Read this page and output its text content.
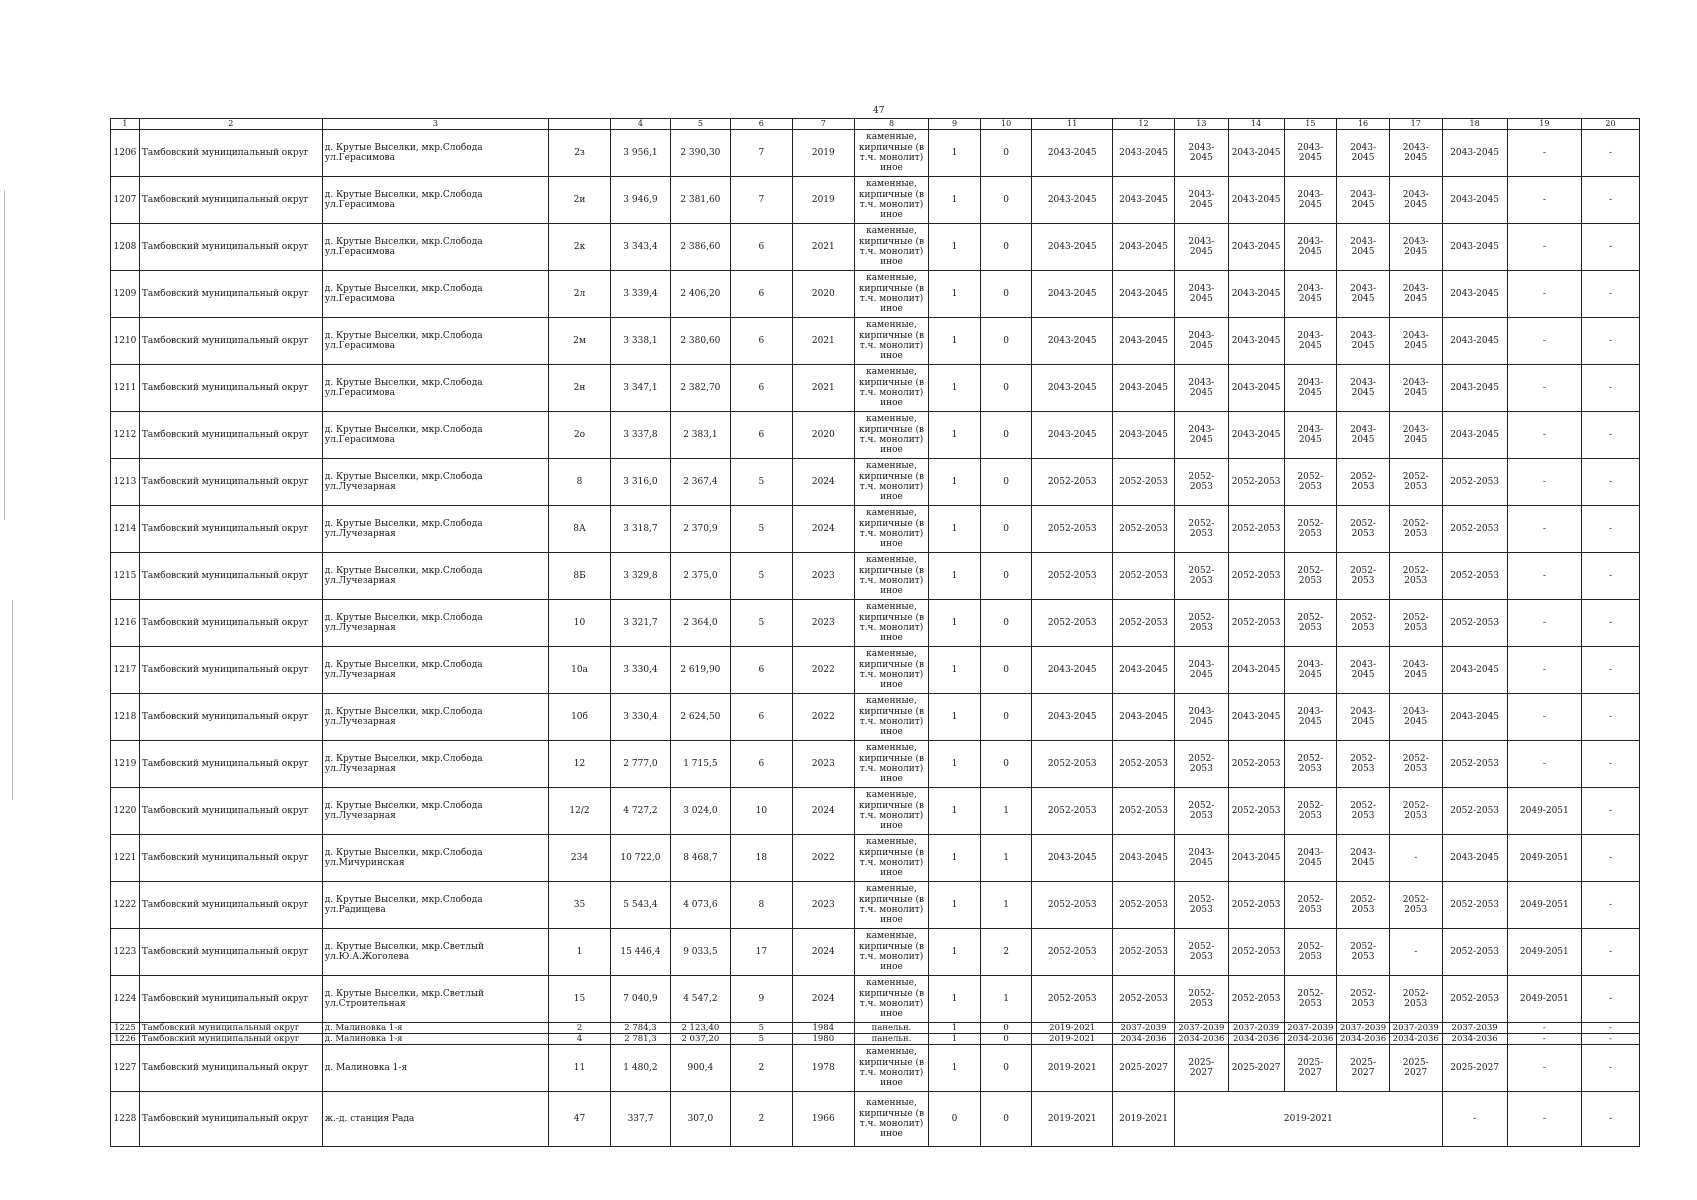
47
1	2	3		4	5	6	7	8	9	10	11	12	13	14	15	16	17	18	19	20
1206	Тамбовский муниципальный округ	д. Крутые Выселки, мкр.Слобода ул.Герасимова	2з	3 956,1	2 390,30	7	2019	каменные, кирпичные (в т.ч. монолит) иное	1	0	2043-2045	2043-2045	2043-2045	2043-2045	2043-2045	2043-2045	2043-2045	2043-2045	-	-
1207	Тамбовский муниципальный округ	д. Крутые Выселки, мкр.Слобода ул.Герасимова	2и	3 946,9	2 381,60	7	2019	каменные, кирпичные (в т.ч. монолит) иное	1	0	2043-2045	2043-2045	2043-2045	2043-2045	2043-2045	2043-2045	2043-2045	2043-2045	-	-
1208	Тамбовский муниципальный округ	д. Крутые Выселки, мкр.Слобода ул.Герасимова	2к	3 343,4	2 386,60	6	2021	каменные, кирпичные (в т.ч. монолит) иное	1	0	2043-2045	2043-2045	2043-2045	2043-2045	2043-2045	2043-2045	2043-2045	2043-2045	-	-
1209	Тамбовский муниципальный округ	д. Крутые Выселки, мкр.Слобода ул.Герасимова	2л	3 339,4	2 406,20	6	2020	каменные, кирпичные (в т.ч. монолит) иное	1	0	2043-2045	2043-2045	2043-2045	2043-2045	2043-2045	2043-2045	2043-2045	2043-2045	-	-
1210	Тамбовский муниципальный округ	д. Крутые Выселки, мкр.Слобода ул.Герасимова	2м	3 338,1	2 380,60	6	2021	каменные, кирпичные (в т.ч. монолит) иное	1	0	2043-2045	2043-2045	2043-2045	2043-2045	2043-2045	2043-2045	2043-2045	2043-2045	-	-
1211	Тамбовский муниципальный округ	д. Крутые Выселки, мкр.Слобода ул.Герасимова	2н	3 347,1	2 382,70	6	2021	каменные, кирпичные (в т.ч. монолит) иное	1	0	2043-2045	2043-2045	2043-2045	2043-2045	2043-2045	2043-2045	2043-2045	2043-2045	-	-
1212	Тамбовский муниципальный округ	д. Крутые Выселки, мкр.Слобода ул.Герасимова	2о	3 337,8	2 383,1	6	2020	каменные, кирпичные (в т.ч. монолит) иное	1	0	2043-2045	2043-2045	2043-2045	2043-2045	2043-2045	2043-2045	2043-2045	2043-2045	-	-
1213	Тамбовский муниципальный округ	д. Крутые Выселки, мкр.Слобода ул.Лучезарная	8	3 316,0	2 367,4	5	2024	каменные, кирпичные (в т.ч. монолит) иное	1	0	2052-2053	2052-2053	2052-2053	2052-2053	2052-2053	2052-2053	2052-2053	2052-2053	-	-
1214	Тамбовский муниципальный округ	д. Крутые Выселки, мкр.Слобода ул.Лучезарная	8А	3 318,7	2 370,9	5	2024	каменные, кирпичные (в т.ч. монолит) иное	1	0	2052-2053	2052-2053	2052-2053	2052-2053	2052-2053	2052-2053	2052-2053	2052-2053	-	-
1215	Тамбовский муниципальный округ	д. Крутые Выселки, мкр.Слобода ул.Лучезарная	8Б	3 329,8	2 375,0	5	2023	каменные, кирпичные (в т.ч. монолит) иное	1	0	2052-2053	2052-2053	2052-2053	2052-2053	2052-2053	2052-2053	2052-2053	2052-2053	-	-
1216	Тамбовский муниципальный округ	д. Крутые Выселки, мкр.Слобода ул.Лучезарная	10	3 321,7	2 364,0	5	2023	каменные, кирпичные (в т.ч. монолит) иное	1	0	2052-2053	2052-2053	2052-2053	2052-2053	2052-2053	2052-2053	2052-2053	2052-2053	-	-
1217	Тамбовский муниципальный округ	д. Крутые Выселки, мкр.Слобода ул.Лучезарная	10а	3 330,4	2 619,90	6	2022	каменные, кирпичные (в т.ч. монолит) иное	1	0	2043-2045	2043-2045	2043-2045	2043-2045	2043-2045	2043-2045	2043-2045	2043-2045	-	-
1218	Тамбовский муниципальный округ	д. Крутые Выселки, мкр.Слобода ул.Лучезарная	10б	3 330,4	2 624,50	6	2022	каменные, кирпичные (в т.ч. монолит) иное	1	0	2043-2045	2043-2045	2043-2045	2043-2045	2043-2045	2043-2045	2043-2045	2043-2045	-	-
1219	Тамбовский муниципальный округ	д. Крутые Выселки, мкр.Слобода ул.Лучезарная	12	2 777,0	1 715,5	6	2023	каменные, кирпичные (в т.ч. монолит) иное	1	0	2052-2053	2052-2053	2052-2053	2052-2053	2052-2053	2052-2053	2052-2053	2052-2053	-	-
1220	Тамбовский муниципальный округ	д. Крутые Выселки, мкр.Слобода ул.Лучезарная	12/2	4 727,2	3 024,0	10	2024	каменные, кирпичные (в т.ч. монолит) иное	1	1	2052-2053	2052-2053	2052-2053	2052-2053	2052-2053	2052-2053	2052-2053	2052-2053	2049-2051	-
1221	Тамбовский муниципальный округ	д. Крутые Выселки, мкр.Слобода ул.Мичуринская	234	10 722,0	8 468,7	18	2022	каменные, кирпичные (в т.ч. монолит) иное	1	1	2043-2045	2043-2045	2043-2045	2043-2045	2043-2045	2043-2045	-	2043-2045	2049-2051	-
1222	Тамбовский муниципальный округ	д. Крутые Выселки, мкр.Слобода ул.Радищева	35	5 543,4	4 073,6	8	2023	каменные, кирпичные (в т.ч. монолит) иное	1	1	2052-2053	2052-2053	2052-2053	2052-2053	2052-2053	2052-2053	2052-2053	2052-2053	2049-2051	-
1223	Тамбовский муниципальный округ	д. Крутые Выселки, мкр.Светлый ул.Ю.А.Жоголева	1	15 446,4	9 033,5	17	2024	каменные, кирпичные (в т.ч. монолит) иное	1	2	2052-2053	2052-2053	2052-2053	2052-2053	2052-2053	2052-2053	-	2052-2053	2049-2051	-
1224	Тамбовский муниципальный округ	д. Крутые Выселки, мкр.Светлый ул.Строительная	15	7 040,9	4 547,2	9	2024	каменные, кирпичные (в т.ч. монолит) иное	1	1	2052-2053	2052-2053	2052-2053	2052-2053	2052-2053	2052-2053	2052-2053	2052-2053	2049-2051	-
1225	Тамбовский муниципальный округ	д. Малиновка 1-я	2	2 784,3	2 123,40	5	1984	панельн.	1	0	2019-2021	2037-2039	2037-2039	2037-2039	2037-2039	2037-2039	2037-2039	2037-2039	-	-
1226	Тамбовский муниципальный округ	д. Малиновка 1-я	4	2 781,3	2 037,20	5	1980	панельн.	1	0	2019-2021	2034-2036	2034-2036	2034-2036	2034-2036	2034-2036	2034-2036	2034-2036	-	-
1227	Тамбовский муниципальный округ	д. Малиновка 1-я	11	1 480,2	900,4	2	1978	каменные, кирпичные (в т.ч. монолит) иное	1	0	2019-2021	2025-2027	2025-2027	2025-2027	2025-2027	2025-2027	2025-2027	2025-2027	-	-
1228	Тамбовский муниципальный округ	ж.-д. станция Рада	47	337,7	307,0	2	1966	каменные, кирпичные (в т.ч. монолит) иное	0	0	2019-2021	2019-2021	2019-2021					-	-	-
